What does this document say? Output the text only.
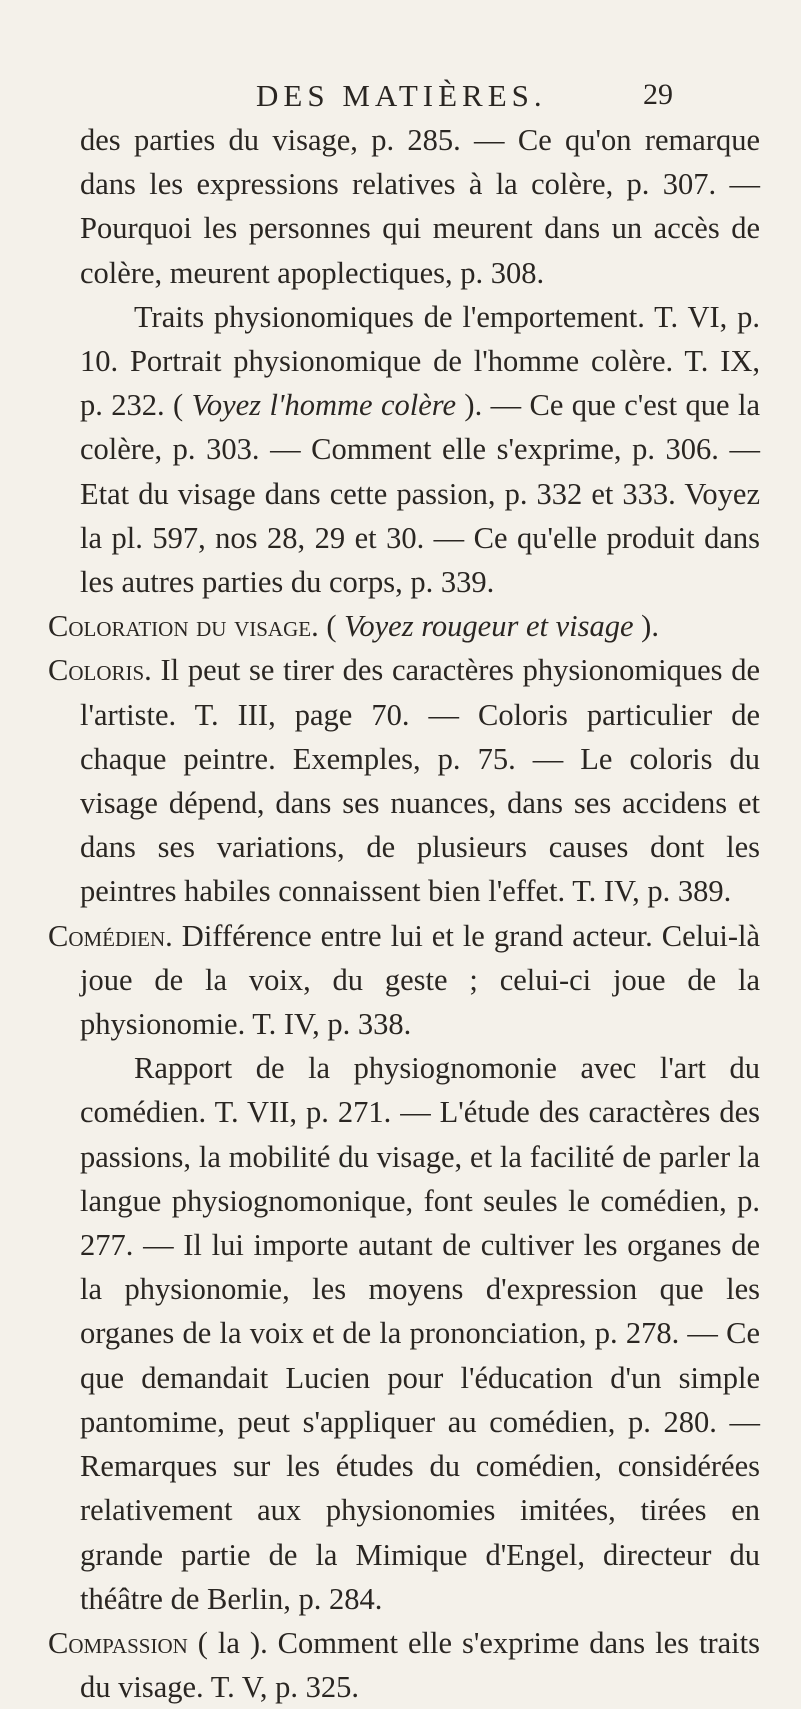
DES MATIÈRES.	29

des parties du visage, p. 285. — Ce qu'on remarque dans les expressions relatives à la colère, p. 307. — Pourquoi les personnes qui meurent dans un accès de colère, meurent apoplectiques, p. 308.

Traits physionomiques de l'emportement. T. VI, p. 10. Portrait physionomique de l'homme colère. T. IX, p. 232. ( Voyez l'homme colère ). — Ce que c'est que la colère, p. 303. — Comment elle s'exprime, p. 306. — Etat du visage dans cette passion, p. 332 et 333. Voyez la pl. 597, nos 28, 29 et 30. — Ce qu'elle produit dans les autres parties du corps, p. 339.

Coloration du visage. ( Voyez rougeur et visage ).

Coloris. Il peut se tirer des caractères physionomiques de l'artiste. T. III, page 70. — Coloris particulier de chaque peintre. Exemples, p. 75. — Le coloris du visage dépend, dans ses nuances, dans ses accidens et dans ses variations, de plusieurs causes dont les peintres habiles connaissent bien l'effet. T. IV, p. 389.

Comédien. Différence entre lui et le grand acteur. Celui-là joue de la voix, du geste ; celui-ci joue de la physionomie. T. IV, p. 338.

Rapport de la physiognomonie avec l'art du comédien. T. VII, p. 271. — L'étude des caractères des passions, la mobilité du visage, et la facilité de parler la langue physiognomonique, font seules le comédien, p. 277. — Il lui importe autant de cultiver les organes de la physionomie, les moyens d'expression que les organes de la voix et de la prononciation, p. 278. — Ce que demandait Lucien pour l'éducation d'un simple pantomime, peut s'appliquer au comédien, p. 280. — Remarques sur les études du comédien, considérées relativement aux physionomies imitées, tirées en grande partie de la Mimique d'Engel, directeur du théâtre de Berlin, p. 284.

Compassion ( la ). Comment elle s'exprime dans les traits du visage. T. V, p. 325.
